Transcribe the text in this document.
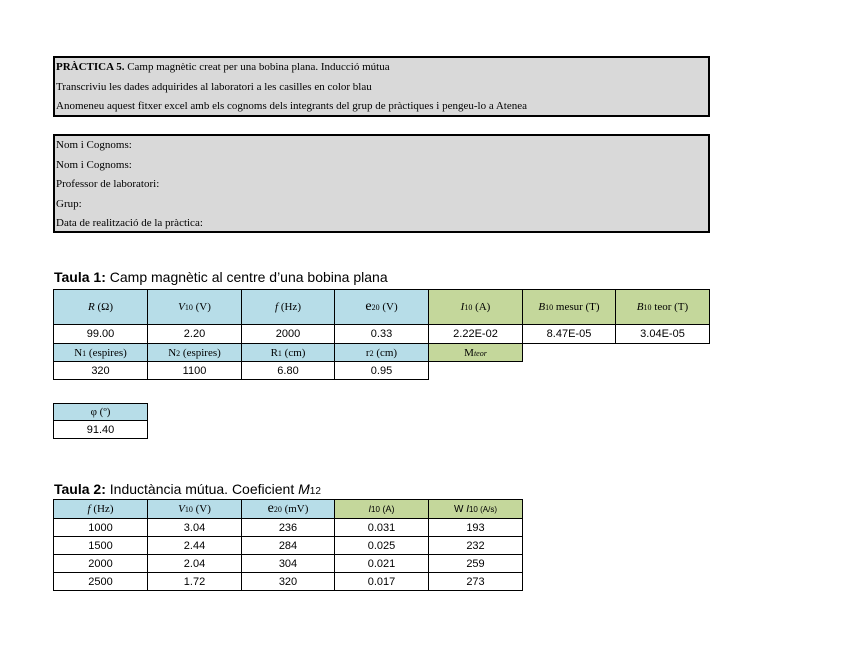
PRÀCTICA 5. Camp magnètic creat per una bobina plana. Inducció mútua
Transcriviu les dades adquirides al laboratori a les casilles en color blau
Anomeneu aquest fitxer excel amb els cognoms dels integrants del grup de pràctiques i pengeu-lo a Atenea
Nom i Cognoms:
Nom i Cognoms:
Professor de laboratori:
Grup:
Data de realització de la pràctica:
Taula 1: Camp magnètic al centre d’una bobina plana
R (Ω)	V10 (V)	f (Hz)	e20 (V)	I10 (A)	B10 mesur (T)	B10 teor (T)
99.00	2.20	2000	0.33	2.22E-02	8.47E-05	3.04E-05
N1 (espires)	N2 (espires)	R1 (cm)	r2 (cm)	Mteor		
320	1100	6.80	0.95			
φ (º)
91.40
Taula 2: Inductància mútua. Coeficient M12
f (Hz)	V10 (V)	e20 (mV)	I10 (A)	W I10 (A/s)
1000	3.04	236	0.031	193
1500	2.44	284	0.025	232
2000	2.04	304	0.021	259
2500	1.72	320	0.017	273
